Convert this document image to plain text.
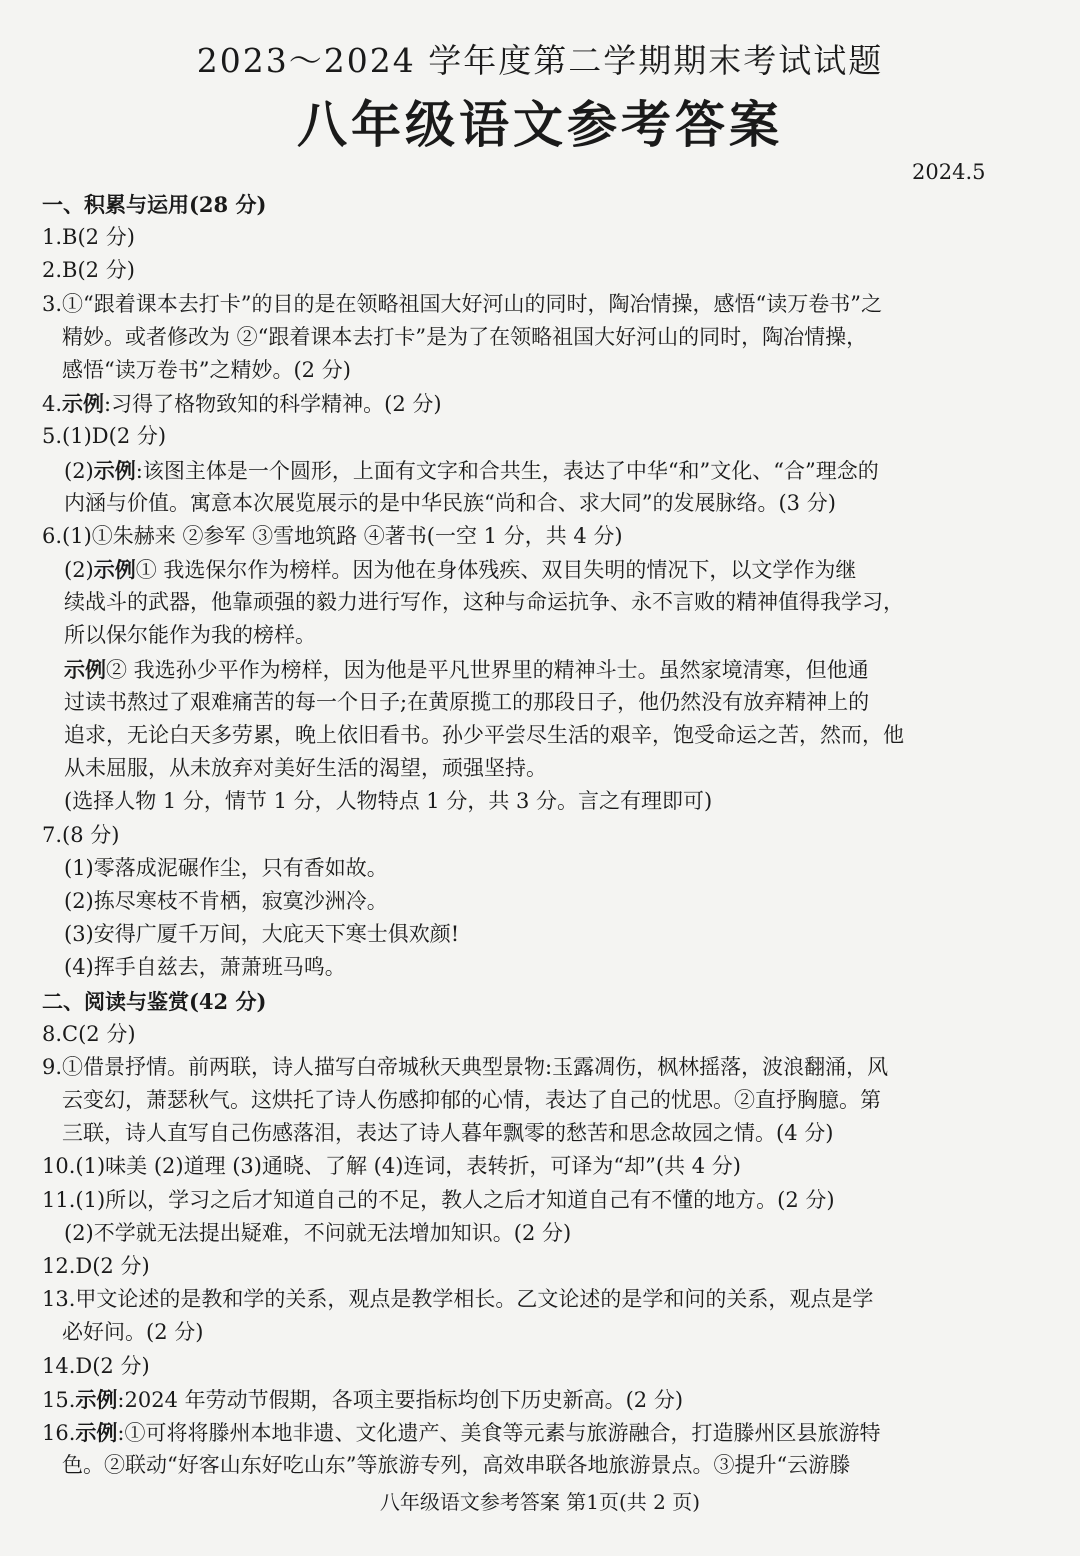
2023～2024 学年度第二学期期末考试试题
八年级语文参考答案
2024.5
一、积累与运用(28 分)
1.B(2 分)
2.B(2 分)
3.①“跟着课本去打卡”的目的是在领略祖国大好河山的同时，陶冶情操，感悟“读万卷书”之
精妙。或者修改为 ②“跟着课本去打卡”是为了在领略祖国大好河山的同时，陶冶情操，
感悟“读万卷书”之精妙。(2 分)
4.示例:习得了格物致知的科学精神。(2 分)
5.(1)D(2 分)
(2)示例:该图主体是一个圆形，上面有文字和合共生，表达了中华“和”文化、“合”理念的
内涵与价值。寓意本次展览展示的是中华民族“尚和合、求大同”的发展脉络。(3 分)
6.(1)①朱赫来 ②参军 ③雪地筑路 ④著书(一空 1 分，共 4 分)
(2)示例① 我选保尔作为榜样。因为他在身体残疾、双目失明的情况下，以文学作为继
续战斗的武器，他靠顽强的毅力进行写作，这种与命运抗争、永不言败的精神值得我学习，
所以保尔能作为我的榜样。
示例② 我选孙少平作为榜样，因为他是平凡世界里的精神斗士。虽然家境清寒，但他通
过读书熬过了艰难痛苦的每一个日子;在黄原揽工的那段日子，他仍然没有放弃精神上的
追求，无论白天多劳累，晚上依旧看书。孙少平尝尽生活的艰辛，饱受命运之苦，然而，他
从未屈服，从未放弃对美好生活的渴望，顽强坚持。
(选择人物 1 分，情节 1 分，人物特点 1 分，共 3 分。言之有理即可)
7.(8 分)
(1)零落成泥碾作尘，只有香如故。
(2)拣尽寒枝不肯栖，寂寞沙洲冷。
(3)安得广厦千万间，大庇天下寒士俱欢颜!
(4)挥手自兹去，萧萧班马鸣。
二、阅读与鉴赏(42 分)
8.C(2 分)
9.①借景抒情。前两联，诗人描写白帝城秋天典型景物:玉露凋伤，枫林摇落，波浪翻涌，风
云变幻，萧瑟秋气。这烘托了诗人伤感抑郁的心情，表达了自己的忧思。②直抒胸臆。第
三联，诗人直写自己伤感落泪，表达了诗人暮年飘零的愁苦和思念故园之情。(4 分)
10.(1)味美 (2)道理 (3)通晓、了解 (4)连词，表转折，可译为“却”(共 4 分)
11.(1)所以，学习之后才知道自己的不足，教人之后才知道自己有不懂的地方。(2 分)
(2)不学就无法提出疑难，不问就无法增加知识。(2 分)
12.D(2 分)
13.甲文论述的是教和学的关系，观点是教学相长。乙文论述的是学和问的关系，观点是学
必好问。(2 分)
14.D(2 分)
15.示例:2024 年劳动节假期，各项主要指标均创下历史新高。(2 分)
16.示例:①可将将滕州本地非遗、文化遗产、美食等元素与旅游融合，打造滕州区县旅游特
色。②联动“好客山东好吃山东”等旅游专列，高效串联各地旅游景点。③提升“云游滕
八年级语文参考答案 第1页(共 2 页)
